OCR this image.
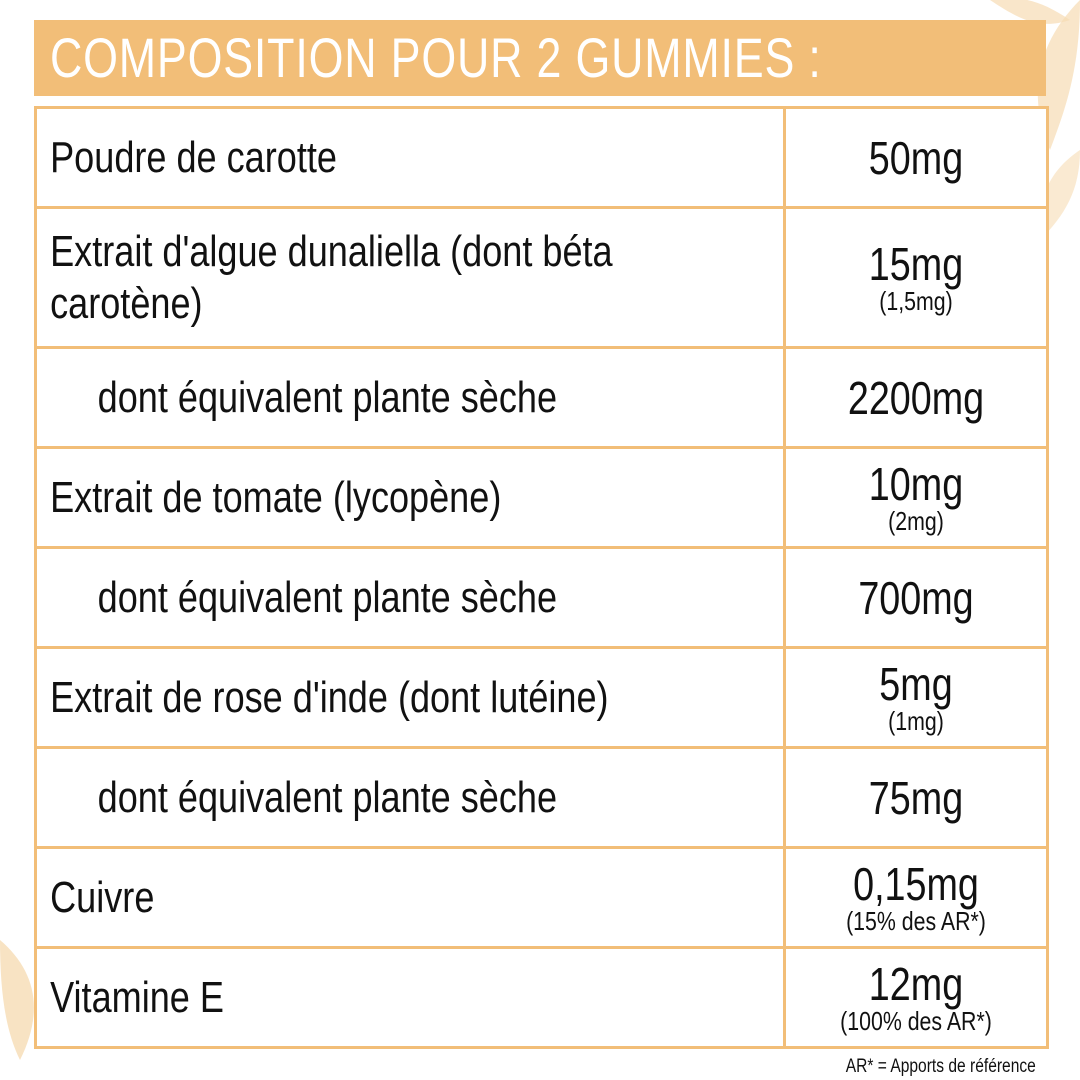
COMPOSITION POUR 2 GUMMIES :
Poudre de carotte	50mg

Extrait d'algue dunaliella (dont béta carotène)	15mg
(1,5mg)

dont équivalent plante sèche	2200mg

Extrait de tomate (lycopène)	10mg
(2mg)

dont équivalent plante sèche	700mg

Extrait de rose d'inde (dont lutéine)	5mg
(1mg)

dont équivalent plante sèche	75mg

Cuivre	0,15mg
(15% des AR*)

Vitamine E	12mg
(100% des AR*)
AR* = Apports de référence
